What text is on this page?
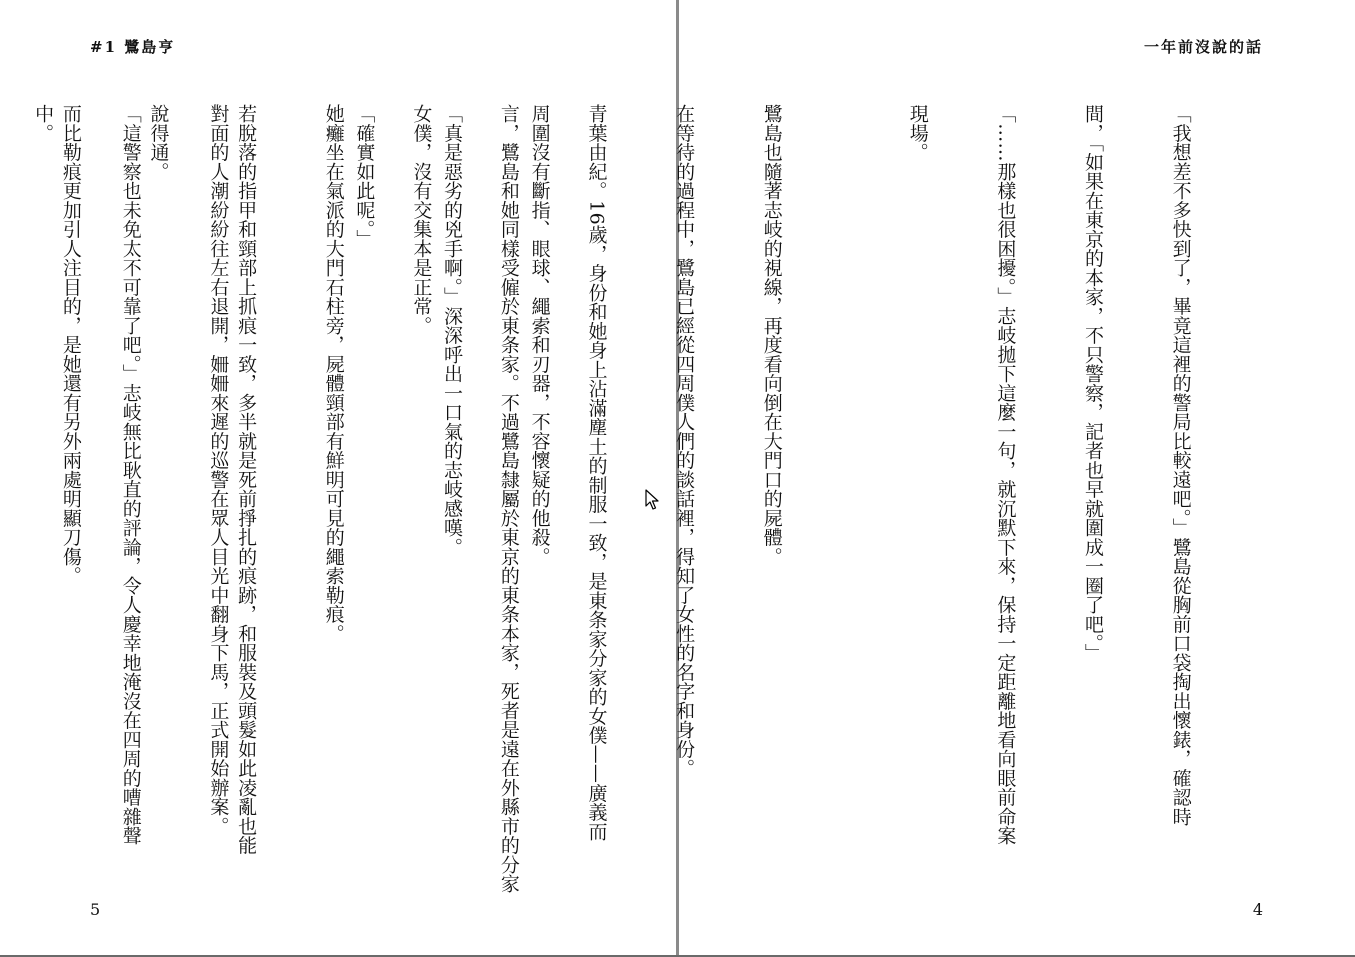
#1 鷺島亨

周圍沒有斷指、眼球、繩索和刃器，不容懷疑的他殺。

「真是惡劣的兇手啊。」深深呼出一口氣的志岐感嘆。

「確實如此呢。」

對面的人潮紛紛往左右退開，姍姍來遲的巡警在眾人目光中翻身下馬，正式開始辦案。

「這警察也未免太不可靠了吧。」志岐無比耿直的評論，令人慶幸地淹沒在四周的嘈雜聲

中。

5
一年前沒說的話

「我想差不多快到了，畢竟這裡的警局比較遠吧。」鷺島從胸前口袋掏出懷錶，確認時

間，「如果在東京的本家，不只警察，記者也早就圍成一圈了吧。」

「……那樣也很困擾。」志岐拋下這麼一句，就沉默下來，保持一定距離地看向眼前命案

現場。

鷺島也隨著志岐的視線，再度看向倒在大門口的屍體。

在等待的過程中，鷺島已經從四周僕人們的談話裡，得知了女性的名字和身份。

青葉由紀。16歲，身份和她身上沾滿塵土的制服一致，是東条家分家的女僕——廣義而

言，鷺島和她同樣受僱於東条家。不過鷺島隸屬於東京的東条本家，死者是遠在外縣市的分家

女僕，沒有交集本是正常。

她癱坐在氣派的大門石柱旁，屍體頸部有鮮明可見的繩索勒痕。

若脫落的指甲和頸部上抓痕一致，多半就是死前掙扎的痕跡，和服裝及頭髮如此凌亂也能

說得通。

而比勒痕更加引人注目的，是她還有另外兩處明顯刀傷。

4
